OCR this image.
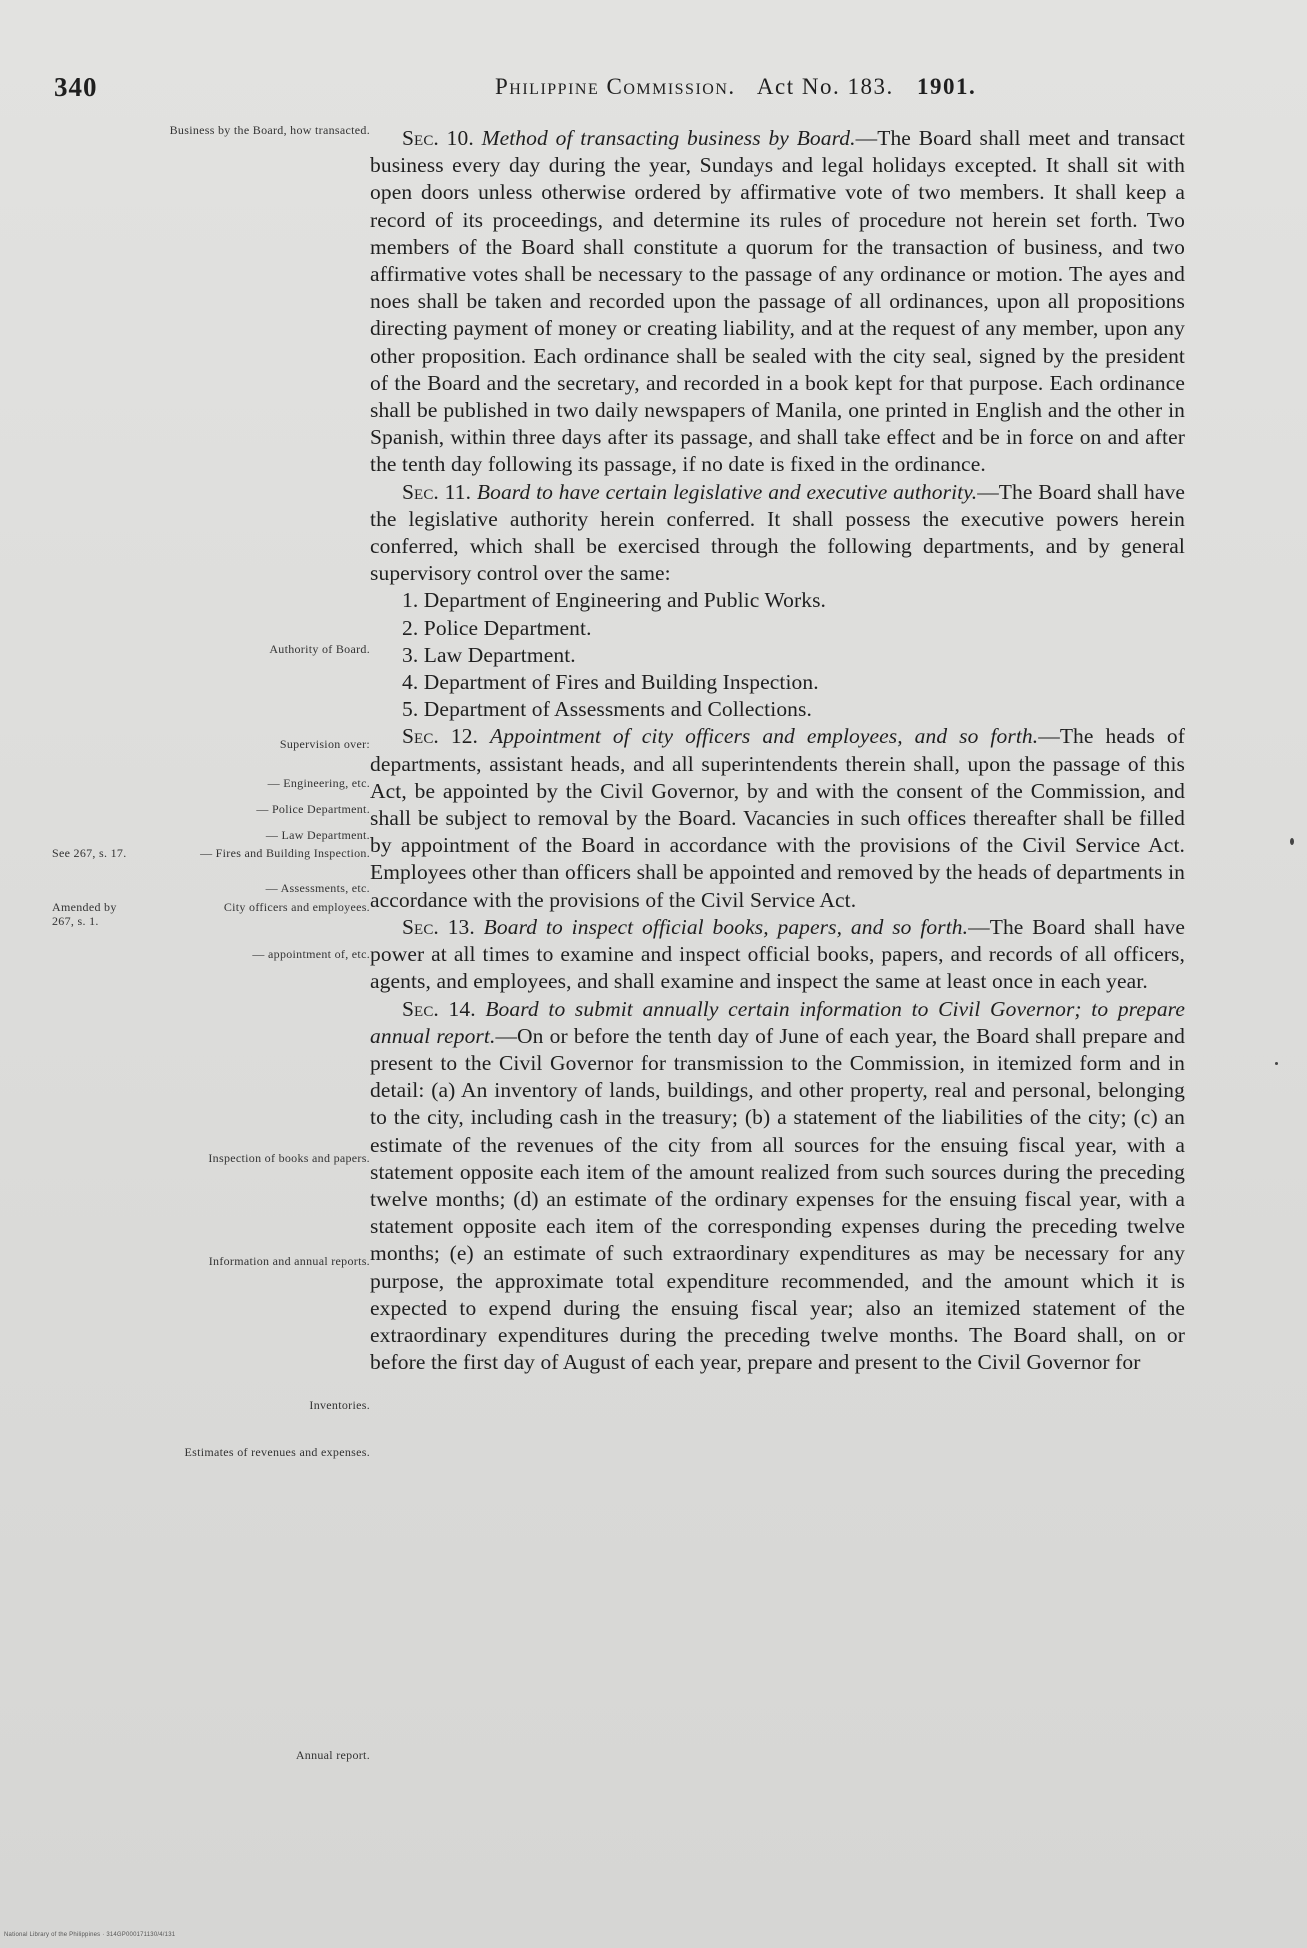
340	Philippine Commission. Act No. 183. 1901.
Business by the Board, how transacted.
Authority of Board.
Supervision over:
— Engineering, etc.
— Police Department.
— Law Department.
— Fires and Building Inspection.
— Assessments, etc.
City officers and employees.
— appointment of, etc.
Inspection of books and papers.
Information and annual reports.
Inventories.
Estimates of revenues and expenses.
Annual report.
See 267, s. 17.
Amended by 267, s. 1.

Sec. 10. Method of transacting business by Board.—The Board shall meet and transact business every day during the year, Sundays and legal holidays excepted. It shall sit with open doors unless otherwise ordered by affirmative vote of two members. It shall keep a record of its proceedings, and determine its rules of procedure not herein set forth. Two members of the Board shall constitute a quorum for the transaction of business, and two affirmative votes shall be necessary to the passage of any ordinance or motion. The ayes and noes shall be taken and recorded upon the passage of all ordinances, upon all propositions directing payment of money or creating liability, and at the request of any member, upon any other proposition. Each ordinance shall be sealed with the city seal, signed by the president of the Board and the secretary, and recorded in a book kept for that purpose. Each ordinance shall be published in two daily newspapers of Manila, one printed in English and the other in Spanish, within three days after its passage, and shall take effect and be in force on and after the tenth day following its passage, if no date is fixed in the ordinance.

Sec. 11. Board to have certain legislative and executive authority.—The Board shall have the legislative authority herein conferred. It shall possess the executive powers herein conferred, which shall be exercised through the following departments, and by general supervisory control over the same:

1. Department of Engineering and Public Works.
2. Police Department.
3. Law Department.
4. Department of Fires and Building Inspection.
5. Department of Assessments and Collections.

Sec. 12. Appointment of city officers and employees, and so forth.—The heads of departments, assistant heads, and all superintendents therein shall, upon the passage of this Act, be appointed by the Civil Governor, by and with the consent of the Commission, and shall be subject to removal by the Board. Vacancies in such offices thereafter shall be filled by appointment of the Board in accordance with the provisions of the Civil Service Act. Employees other than officers shall be appointed and removed by the heads of departments in accordance with the provisions of the Civil Service Act.

Sec. 13. Board to inspect official books, papers, and so forth.—The Board shall have power at all times to examine and inspect official books, papers, and records of all officers, agents, and employees, and shall examine and inspect the same at least once in each year.

Sec. 14. Board to submit annually certain information to Civil Governor; to prepare annual report.—On or before the tenth day of June of each year, the Board shall prepare and present to the Civil Governor for transmission to the Commission, in itemized form and in detail: (a) An inventory of lands, buildings, and other property, real and personal, belonging to the city, including cash in the treasury; (b) a statement of the liabilities of the city; (c) an estimate of the revenues of the city from all sources for the ensuing fiscal year, with a statement opposite each item of the amount realized from such sources during the preceding twelve months; (d) an estimate of the ordinary expenses for the ensuing fiscal year, with a statement opposite each item of the corresponding expenses during the preceding twelve months; (e) an estimate of such extraordinary expenditures as may be necessary for any purpose, the approximate total expenditure recommended, and the amount which it is expected to expend during the ensuing fiscal year; also an itemized statement of the extraordinary expenditures during the preceding twelve months. The Board shall, on or before the first day of August of each year, prepare and present to the Civil Governor for

National Library of the Philippines · 314GP000171130/4/131
